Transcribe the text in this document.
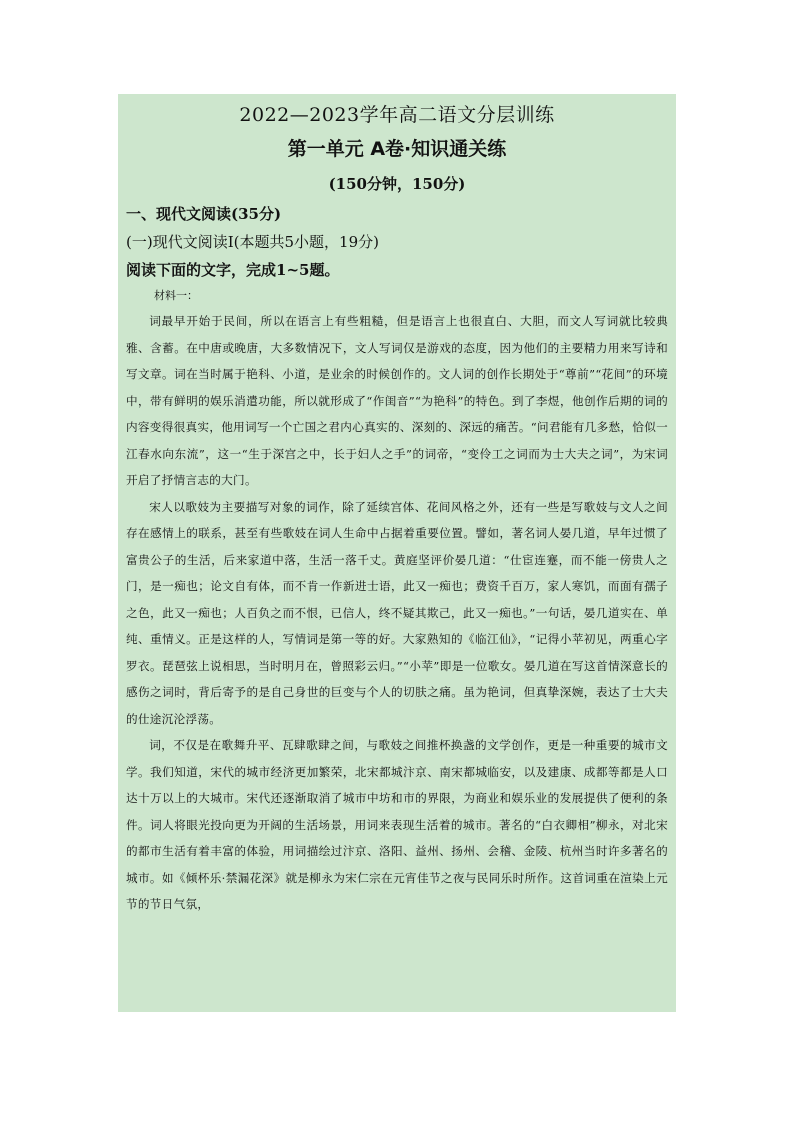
2022—2023学年高二语文分层训练
第一单元 A卷·知识通关练
(150分钟，150分)
一、现代文阅读(35分)
(一)现代文阅读Ⅰ(本题共5小题，19分)
阅读下面的文字，完成1~5题。
材料一：

词最早开始于民间，所以在语言上有些粗糙，但是语言上也很直白、大胆，而文人写词就比较典雅、含蓄。在中唐或晚唐，大多数情况下，文人写词仅是游戏的态度，因为他们的主要精力用来写诗和写文章。词在当时属于艳科、小道，是业余的时候创作的。文人词的创作长期处于“尊前”“花间”的环境中，带有鲜明的娱乐消遣功能，所以就形成了“作闺音”“为艳科”的特色。到了李煜，他创作后期的词的内容变得很真实，他用词写一个亡国之君内心真实的、深刻的、深远的痛苦。“问君能有几多愁，恰似一江春水向东流”，这一“生于深宫之中，长于妇人之手”的词帝，“变伶工之词而为士大夫之词”，为宋词开启了抒情言志的大门。

宋人以歌妓为主要描写对象的词作，除了延续宫体、花间风格之外，还有一些是写歌妓与文人之间存在感情上的联系，甚至有些歌妓在词人生命中占据着重要位置。譬如，著名词人晏几道，早年过惯了富贵公子的生活，后来家道中落，生活一落千丈。黄庭坚评价晏几道：“仕宦连蹇，而不能一傍贵人之门，是一痴也；论文自有体，而不肯一作新进士语，此又一痴也；费资千百万，家人寒饥，而面有孺子之色，此又一痴也；人百负之而不恨，已信人，终不疑其欺己，此又一痴也。”一句话，晏几道实在、单纯、重情义。正是这样的人，写情词是第一等的好。大家熟知的《临江仙》，“记得小苹初见，两重心字罗衣。琵琶弦上说相思，当时明月在，曾照彩云归。”“小苹”即是一位歌女。晏几道在写这首情深意长的感伤之词时，背后寄予的是自己身世的巨变与个人的切肤之痛。虽为艳词，但真挚深婉，表达了士大夫的仕途沉沦浮荡。

词，不仅是在歌舞升平、瓦肆歌肆之间，与歌妓之间推杯换盏的文学创作，更是一种重要的城市文学。我们知道，宋代的城市经济更加繁荣，北宋都城汴京、南宋都城临安，以及建康、成都等都是人口达十万以上的大城市。宋代还逐渐取消了城市中坊和市的界限，为商业和娱乐业的发展提供了便利的条件。词人将眼光投向更为开阔的生活场景，用词来表现生活着的城市。著名的“白衣卿相”柳永，对北宋的都市生活有着丰富的体验，用词描绘过汴京、洛阳、益州、扬州、会稽、金陵、杭州当时许多著名的城市。如《倾杯乐·禁漏花深》就是柳永为宋仁宗在元宵佳节之夜与民同乐时所作。这首词重在渲染上元节的节日气氛，
